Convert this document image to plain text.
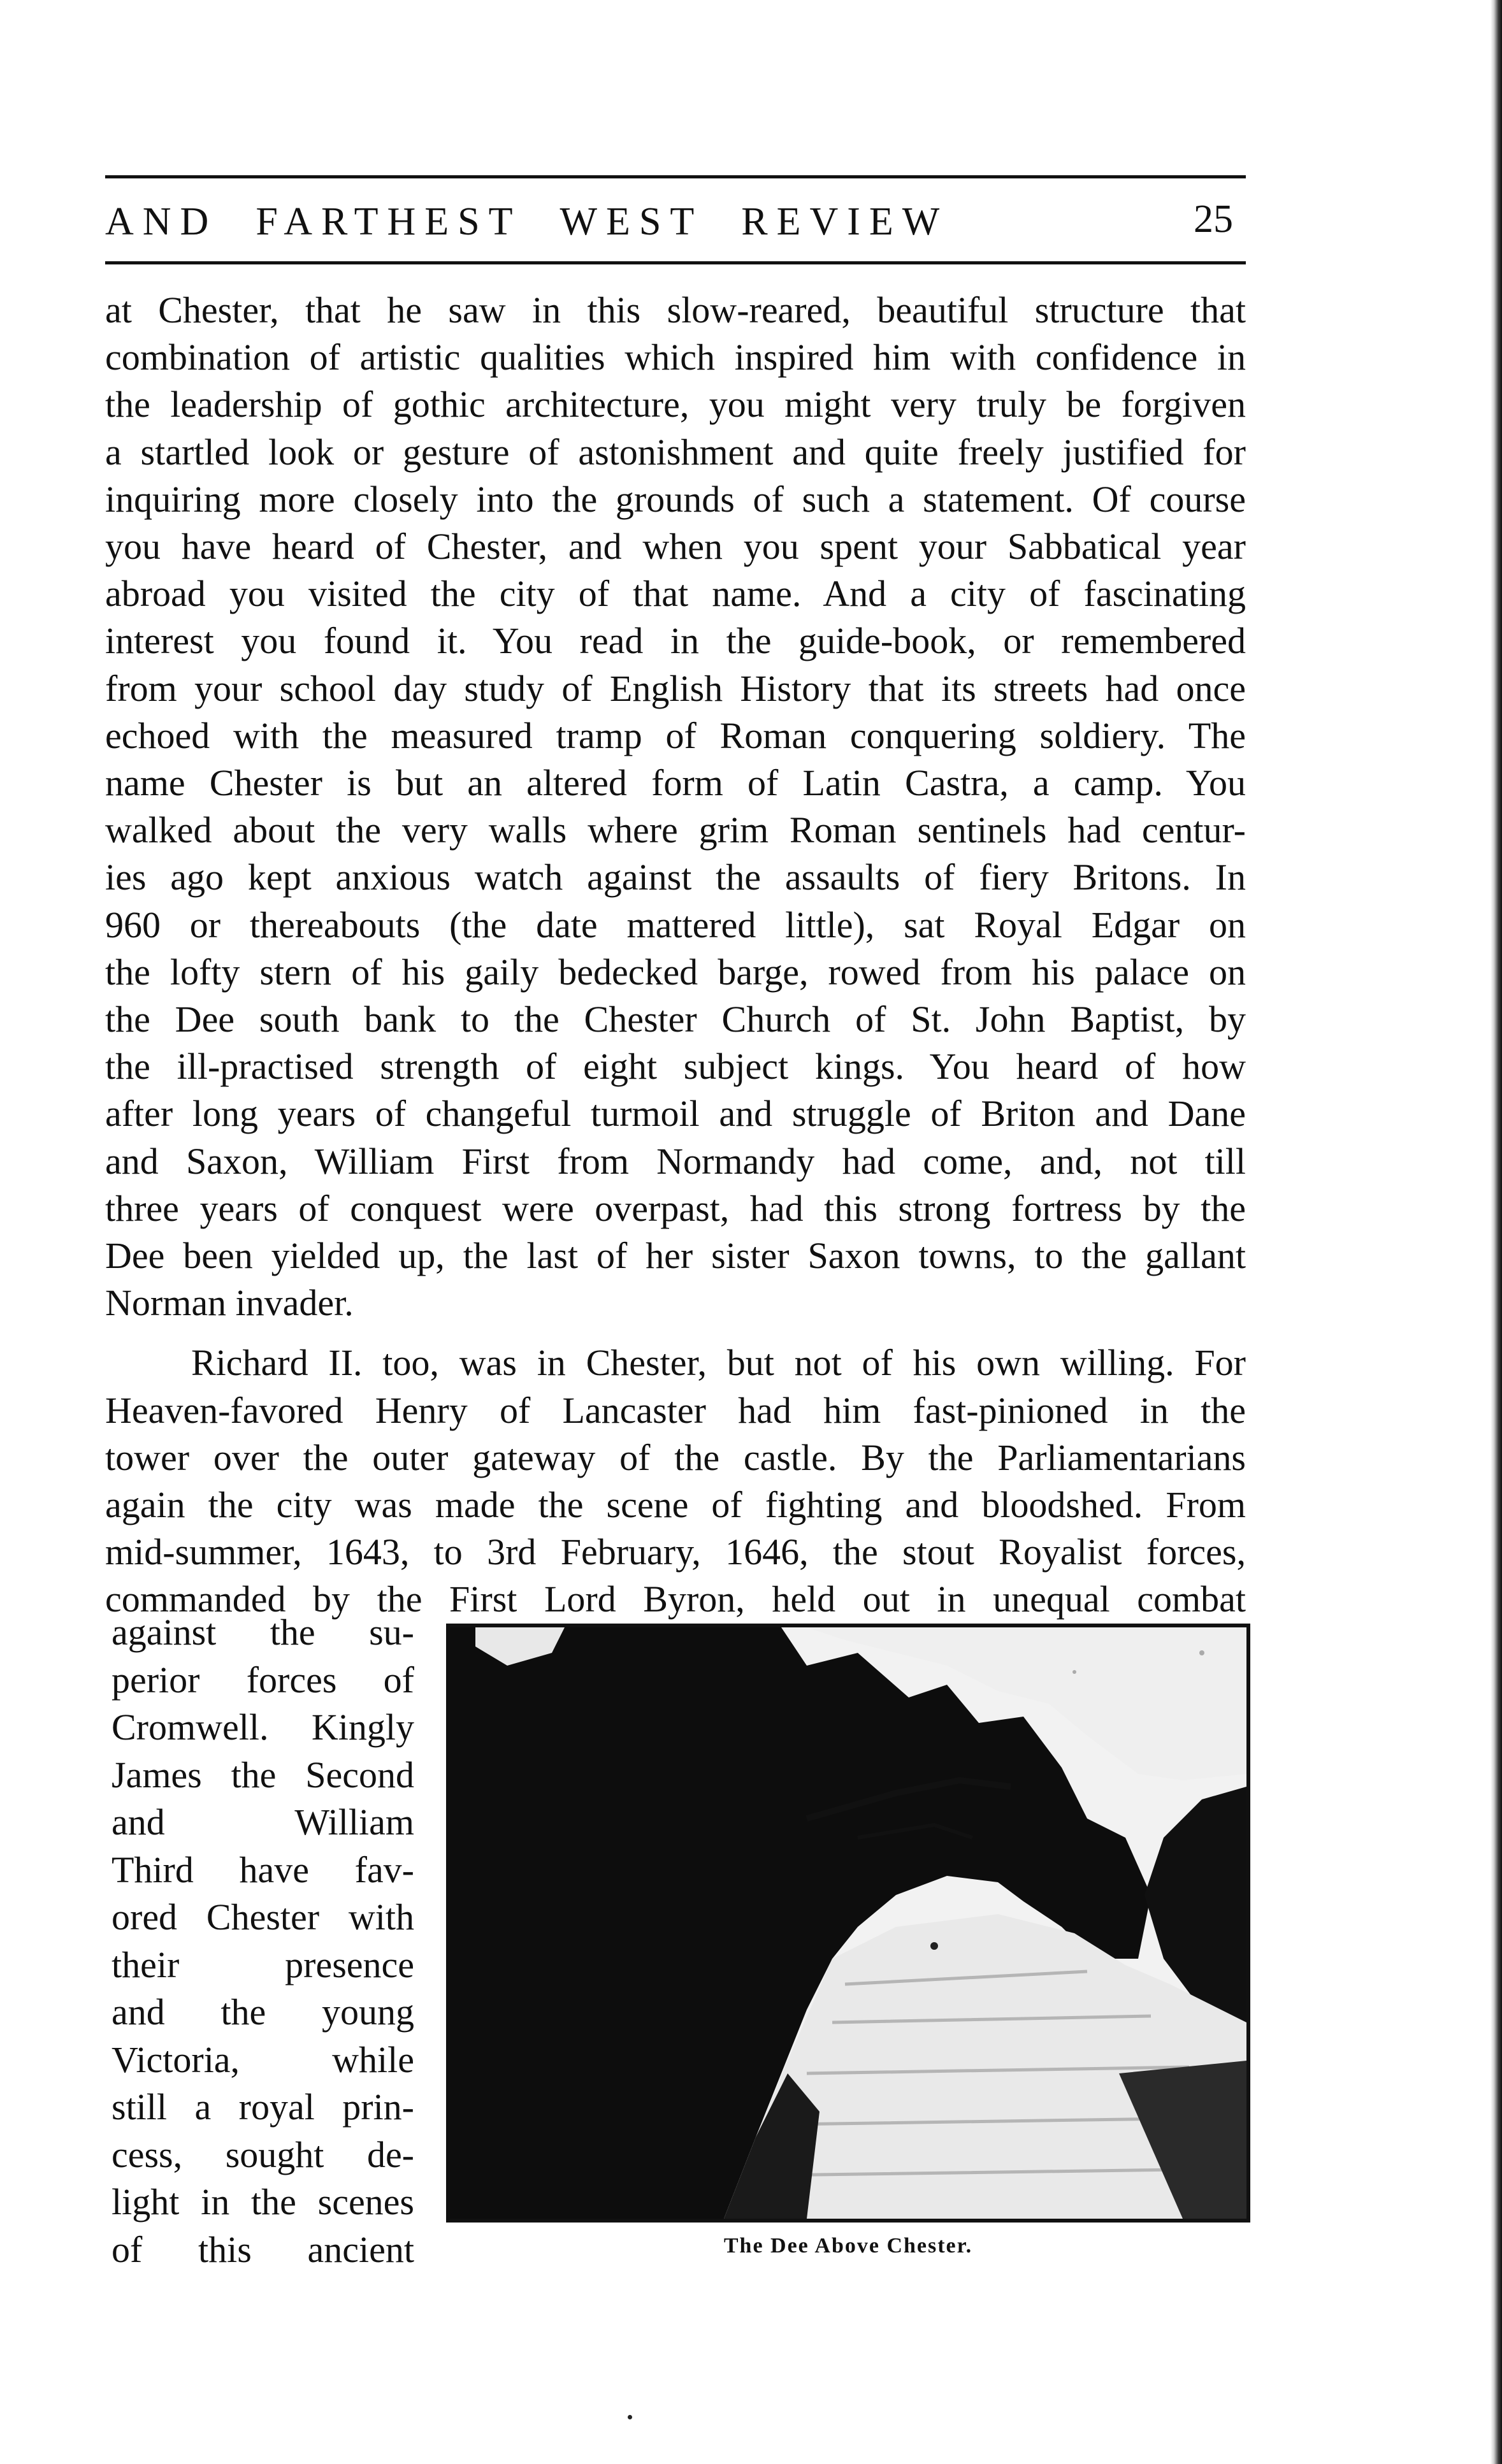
AND FARTHEST WEST REVIEW	25

at Chester, that he saw in this slow-reared, beautiful structure that
combination of artistic qualities which inspired him with confidence in
the leadership of gothic architecture, you might very truly be forgiven
a startled look or gesture of astonishment and quite freely justified for
inquiring more closely into the grounds of such a statement. Of course
you have heard of Chester, and when you spent your Sabbatical year
abroad you visited the city of that name. And a city of fascinating
interest you found it. You read in the guide-book, or remembered
from your school day study of English History that its streets had once
echoed with the measured tramp of Roman conquering soldiery. The
name Chester is but an altered form of Latin Castra, a camp. You
walked about the very walls where grim Roman sentinels had centur-
ies ago kept anxious watch against the assaults of fiery Britons. In
960 or thereabouts (the date mattered little), sat Royal Edgar on
the lofty stern of his gaily bedecked barge, rowed from his palace on
the Dee south bank to the Chester Church of St. John Baptist, by
the ill-practised strength of eight subject kings. You heard of how
after long years of changeful turmoil and struggle of Briton and Dane
and Saxon, William First from Normandy had come, and, not till
three years of conquest were overpast, had this strong fortress by the
Dee been yielded up, the last of her sister Saxon towns, to the gallant
Norman invader.

Richard II. too, was in Chester, but not of his own willing. For
Heaven-favored Henry of Lancaster had him fast-pinioned in the
tower over the outer gateway of the castle. By the Parliamentarians
again the city was made the scene of fighting and bloodshed. From
mid-summer, 1643, to 3rd February, 1646, the stout Royalist forces,
commanded by the First Lord Byron, held out in unequal combat

against the su-
perior forces of
Cromwell. Kingly
James the Second
and William
Third have fav-
ored Chester with
their presence
and the young
Victoria, while
still a royal prin-
cess, sought de-
light in the scenes
of this ancient	The Dee Above Chester.
